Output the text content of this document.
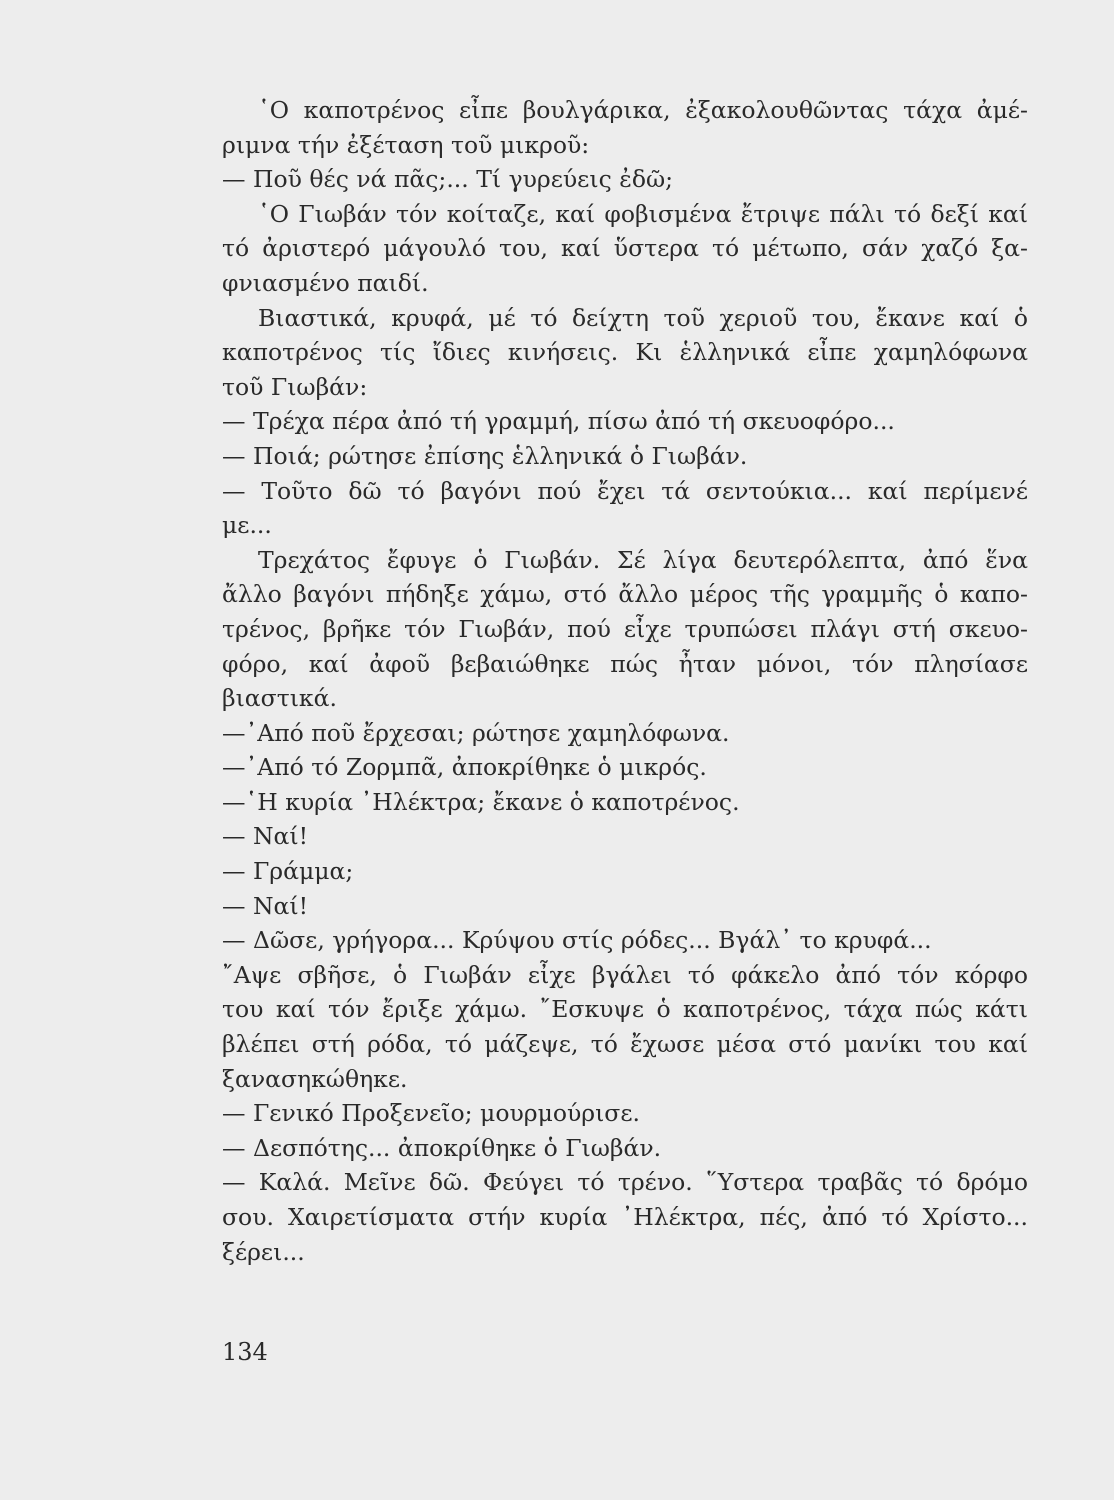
῾Ο καποτρένος εἶπε βουλγάρικα, ἐξακολουθῶντας τάχα ἀμέ-
ριμνα τήν ἐξέταση τοῦ μικροῦ:
— Ποῦ θές νά πᾶς;... Τί γυρεύεις ἐδῶ;
῾Ο Γιωβάν τόν κοίταζε, καί φοβισμένα ἔτριψε πάλι τό δεξί καί
τό ἀριστερό μάγουλό του, καί ὕστερα τό μέτωπο, σάν χαζό ξα-
φνιασμένο παιδί.
Βιαστικά, κρυφά, μέ τό δείχτη τοῦ χεριοῦ του, ἔκανε καί ὁ
καποτρένος τίς ἴδιες κινήσεις. Κι ἑλληνικά εἶπε χαμηλόφωνα
τοῦ Γιωβάν:
— Τρέχα πέρα ἀπό τή γραμμή, πίσω ἀπό τή σκευοφόρο...
— Ποιά; ρώτησε ἐπίσης ἑλληνικά ὁ Γιωβάν.
— Τοῦτο δῶ τό βαγόνι πού ἔχει τά σεντούκια... καί περίμενέ
με...
Τρεχάτος ἔφυγε ὁ Γιωβάν. Σέ λίγα δευτερόλεπτα, ἀπό ἕνα
ἄλλο βαγόνι πήδηξε χάμω, στό ἄλλο μέρος τῆς γραμμῆς ὁ καπο-
τρένος, βρῆκε τόν Γιωβάν, πού εἶχε τρυπώσει πλάγι στή σκευο-
φόρο, καί ἀφοῦ βεβαιώθηκε πώς ἦταν μόνοι, τόν πλησίασε
βιαστικά.
—᾿Από ποῦ ἔρχεσαι; ρώτησε χαμηλόφωνα.
—᾿Από τό Ζορμπᾶ, ἀποκρίθηκε ὁ μικρός.
—῾Η κυρία ᾿Ηλέκτρα; ἔκανε ὁ καποτρένος.
— Ναί!
— Γράμμα;
— Ναί!
— Δῶσε, γρήγορα... Κρύψου στίς ρόδες... Βγάλ᾿ το κρυφά...
῎Αψε σβῆσε, ὁ Γιωβάν εἶχε βγάλει τό φάκελο ἀπό τόν κόρφο
του καί τόν ἔριξε χάμω. ῎Εσκυψε ὁ καποτρένος, τάχα πώς κάτι
βλέπει στή ρόδα, τό μάζεψε, τό ἔχωσε μέσα στό μανίκι του καί
ξανασηκώθηκε.
— Γενικό Προξενεῖο; μουρμούρισε.
— Δεσπότης... ἀποκρίθηκε ὁ Γιωβάν.
— Καλά. Μεῖνε δῶ. Φεύγει τό τρένο. ῞Υστερα τραβᾶς τό δρόμο
σου. Χαιρετίσματα στήν κυρία ᾿Ηλέκτρα, πές, ἀπό τό Χρίστο...
ξέρει...
134
